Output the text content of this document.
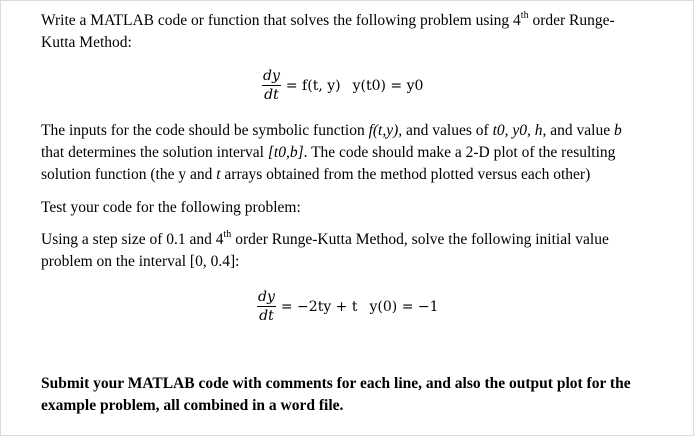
Write a MATLAB code or function that solves the following problem using 4th order Runge-
Kutta Method:
$\frac{dy}{dt} = f(t$, y) y(t0) = y0
The inputs for the code should be symbolic function f(t,y), and values of t0, y0, h, and value b
that determines the solution interval [t0,b]. The code should make a 2-D plot of the resulting
solution function (the y and t arrays obtained from the method plotted versus each other)
Test your code for the following problem:
Using a step size of 0.1 and 4th order Runge-Kutta Method, solve the following initial value
problem on the interval [0, 0.4]:
$\frac{dy}{dt} = -2ty + t$ y(0) = −1
Submit your MATLAB code with comments for each line, and also the output plot for the
example problem, all combined in a word file.
